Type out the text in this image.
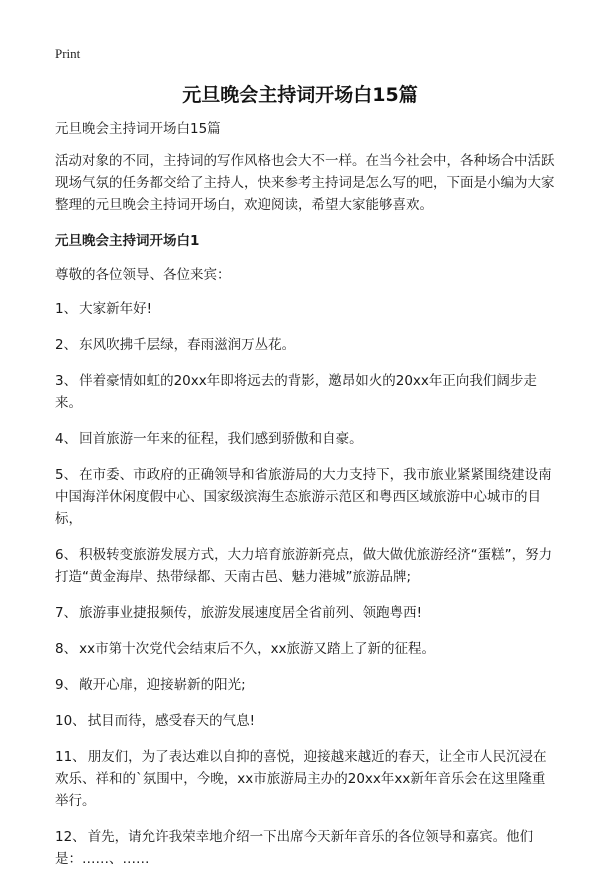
Print
元旦晚会主持词开场白15篇

元旦晚会主持词开场白15篇

活动对象的不同，主持词的写作风格也会大不一样。在当今社会中，各种场合中活跃现场气氛的任务都交给了主持人，快来参考主持词是怎么写的吧，下面是小编为大家整理的元旦晚会主持词开场白，欢迎阅读，希望大家能够喜欢。

元旦晚会主持词开场白1

尊敬的各位领导、各位来宾：

1、 大家新年好!

2、 东风吹拂千层绿，春雨滋润万丛花。

3、 伴着豪情如虹的20xx年即将远去的背影，邀昂如火的20xx年正向我们阔步走来。

4、 回首旅游一年来的征程，我们感到骄傲和自豪。

5、 在市委、市政府的正确领导和省旅游局的大力支持下，我市旅业紧紧围绕建设南中国海洋休闲度假中心、国家级滨海生态旅游示范区和粤西区域旅游中心城市的目标，

6、 积极转变旅游发展方式，大力培育旅游新亮点，做大做优旅游经济“蛋糕”，努力打造“黄金海岸、热带绿都、天南古邑、魅力港城”旅游品牌;

7、 旅游事业捷报频传，旅游发展速度居全省前列、领跑粤西!

8、 xx市第十次党代会结束后不久，xx旅游又踏上了新的征程。

9、 敞开心扉，迎接崭新的阳光;

10、 拭目而待，感受春天的气息!

11、 朋友们，为了表达难以自抑的喜悦，迎接越来越近的春天，让全市人民沉浸在欢乐、祥和的`氛围中，今晚，xx市旅游局主办的20xx年xx新年音乐会在这里隆重举行。

12、 首先，请允许我荣幸地介绍一下出席今天新年音乐的各位领导和嘉宾。他们是：……、……
